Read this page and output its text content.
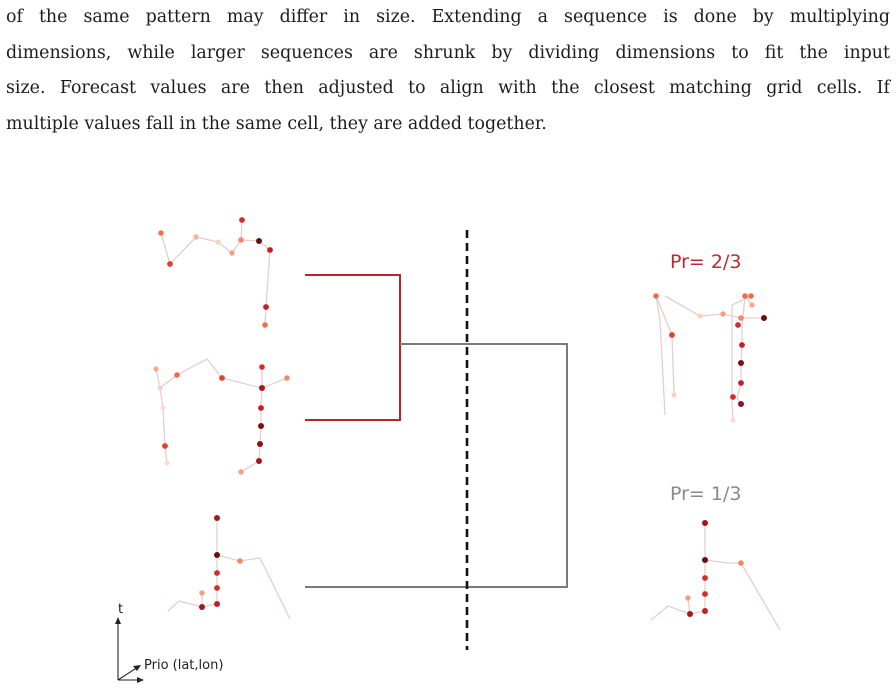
of the same pattern may differ in size. Extending a sequence is done by multiplying
dimensions, while larger sequences are shrunk by dividing dimensions to fit the input
size. Forecast values are then adjusted to align with the closest matching grid cells. If
multiple values fall in the same cell, they are added together.
Pr= 2/3
Pr= 1/3
t
Prio (lat,lon)
